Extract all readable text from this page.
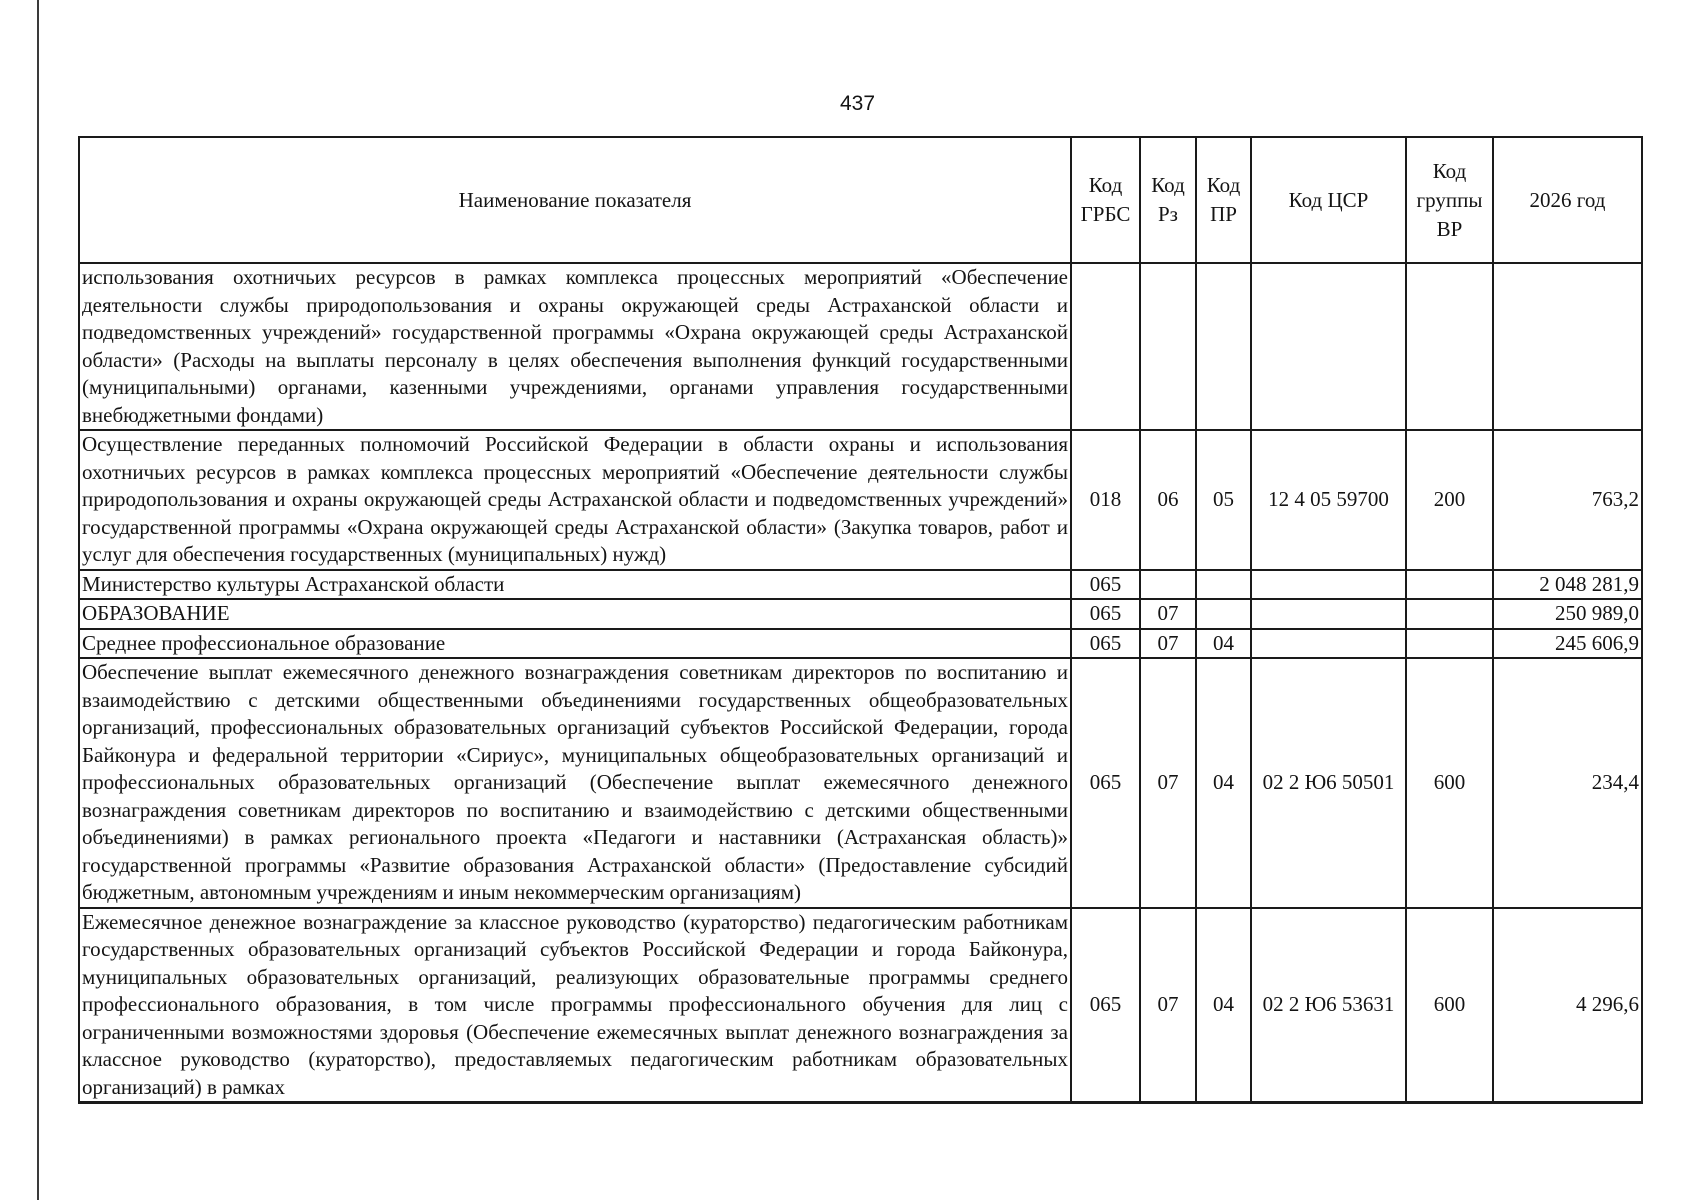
437
Наименование показателя	Код ГРБС	Код Рз	Код ПР	Код ЦСР	Код группы ВР	2026 год
использования охотничьих ресурсов в рамках комплекса процессных мероприятий «Обеспечение деятельности службы природопользования и охраны окружающей среды Астраханской области и подведомственных учреждений» государственной программы «Охрана окружающей среды Астраханской области» (Расходы на выплаты персоналу в целях обеспечения выполнения функций государственными (муниципальными) органами, казенными учреждениями, органами управления государственными внебюджетными фондами)						
Осуществление переданных полномочий Российской Федерации в области охраны и использования охотничьих ресурсов в рамках комплекса процессных мероприятий «Обеспечение деятельности службы природопользования и охраны окружающей среды Астраханской области и подведомственных учреждений» государственной программы «Охрана окружающей среды Астраханской области» (Закупка товаров, работ и услуг для обеспечения государственных (муниципальных) нужд)	018	06	05	12 4 05 59700	200	763,2
Министерство культуры Астраханской области	065					2 048 281,9
ОБРАЗОВАНИЕ	065	07				250 989,0
Среднее профессиональное образование	065	07	04			245 606,9
Обеспечение выплат ежемесячного денежного вознаграждения советникам директоров по воспитанию и взаимодействию с детскими общественными объединениями государственных общеобразовательных организаций, профессиональных образовательных организаций субъектов Российской Федерации, города Байконура и федеральной территории «Сириус», муниципальных общеобразовательных организаций и профессиональных образовательных организаций (Обеспечение выплат ежемесячного денежного вознаграждения советникам директоров по воспитанию и взаимодействию с детскими общественными объединениями) в рамках регионального проекта «Педагоги и наставники (Астраханская область)» государственной программы «Развитие образования Астраханской области» (Предоставление субсидий бюджетным, автономным учреждениям и иным некоммерческим организациям)	065	07	04	02 2 Ю6 50501	600	234,4
Ежемесячное денежное вознаграждение за классное руководство (кураторство) педагогическим работникам государственных образовательных организаций субъектов Российской Федерации и города Байконура, муниципальных образовательных организаций, реализующих образовательные программы среднего профессионального образования, в том числе программы профессионального обучения для лиц с ограниченными возможностями здоровья (Обеспечение ежемесячных выплат денежного вознаграждения за классное руководство (кураторство), предоставляемых педагогическим работникам образовательных организаций) в рамках	065	07	04	02 2 Ю6 53631	600	4 296,6
